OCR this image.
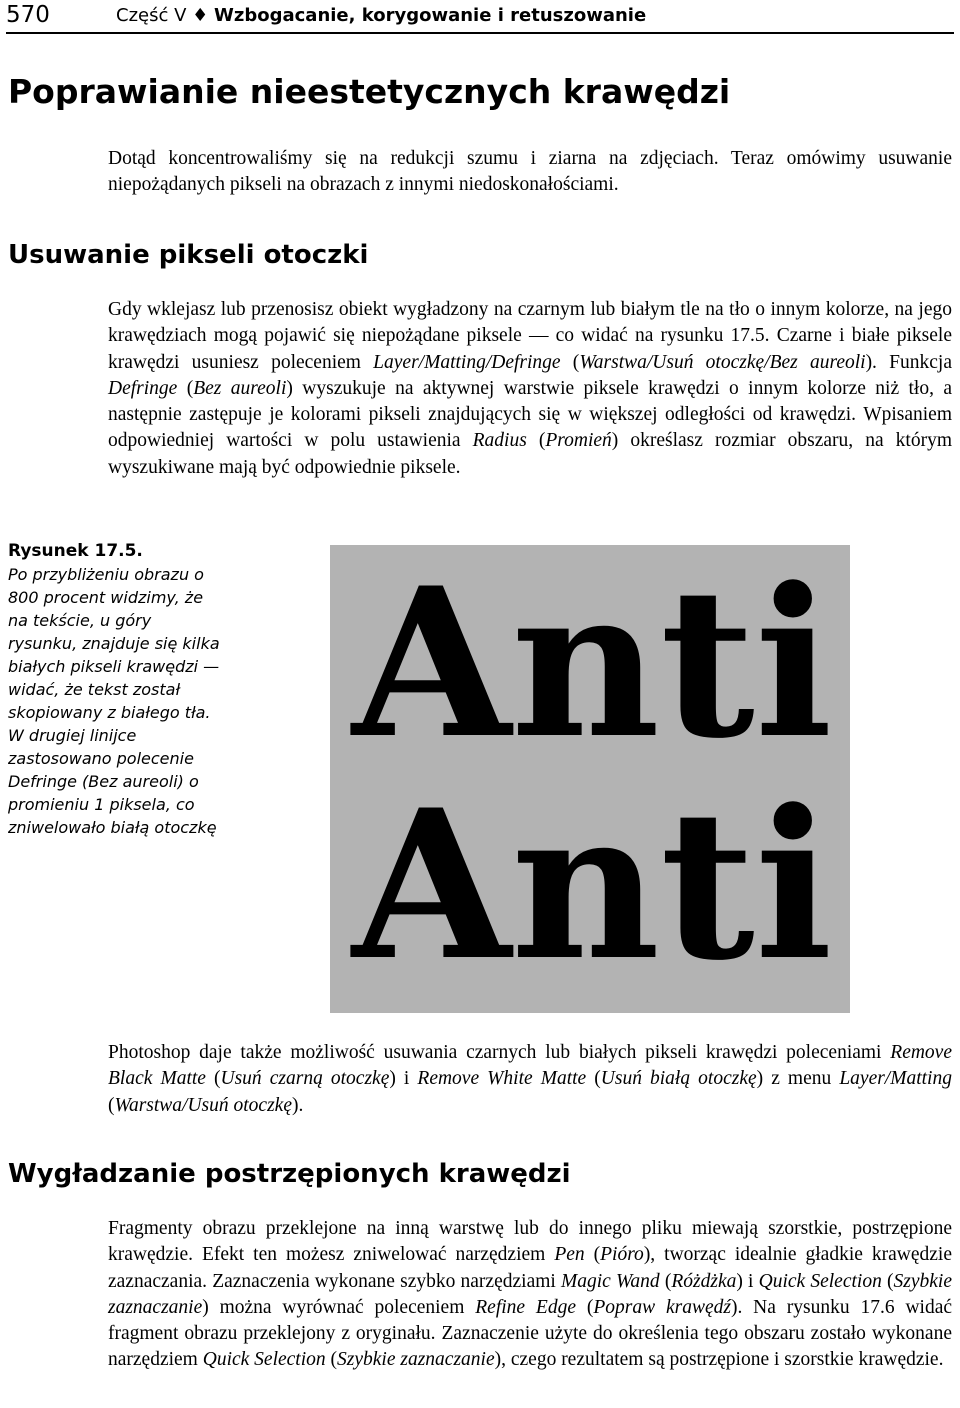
570	Część V ♦ Wzbogacanie, korygowanie i retuszowanie
Poprawianie nieestetycznych krawędzi

Dotąd koncentrowaliśmy się na redukcji szumu i ziarna na zdjęciach. Teraz omówimy usuwanie niepożądanych pikseli na obrazach z innymi niedoskonałościami.

Usuwanie pikseli otoczki

Gdy wklejasz lub przenosisz obiekt wygładzony na czarnym lub białym tle na tło o innym kolorze, na jego krawędziach mogą pojawić się niepożądane piksele — co widać na rysunku 17.5. Czarne i białe piksele krawędzi usuniesz poleceniem Layer/Matting/Defringe (Warstwa/Usuń otoczkę/Bez aureoli). Funkcja Defringe (Bez aureoli) wyszukuje na aktywnej warstwie piksele krawędzi o innym kolorze niż tło, a następnie zastępuje je kolorami pikseli znajdujących się w większej odległości od krawędzi. Wpisaniem odpowiedniej wartości w polu ustawienia Radius (Promień) określasz rozmiar obszaru, na którym wyszukiwane mają być odpowiednie piksele.

Rysunek 17.5.
Po przybliżeniu obrazu o 800 procent widzimy, że na tekście, u góry rysunku, znajduje się kilka białych pikseli krawędzi — widać, że tekst został skopiowany z białego tła. W drugiej linijce zastosowano polecenie Defringe (Bez aureoli) o promieniu 1 piksela, co zniwelowało białą otoczkę
Anti
Anti

Photoshop daje także możliwość usuwania czarnych lub białych pikseli krawędzi poleceniami Remove Black Matte (Usuń czarną otoczkę) i Remove White Matte (Usuń białą otoczkę) z menu Layer/Matting (Warstwa/Usuń otoczkę).

Wygładzanie postrzępionych krawędzi

Fragmenty obrazu przeklejone na inną warstwę lub do innego pliku miewają szorstkie, postrzępione krawędzie. Efekt ten możesz zniwelować narzędziem Pen (Pióro), tworząc idealnie gładkie krawędzie zaznaczania. Zaznaczenia wykonane szybko narzędziami Magic Wand (Różdżka) i Quick Selection (Szybkie zaznaczanie) można wyrównać poleceniem Refine Edge (Popraw krawędź). Na rysunku 17.6 widać fragment obrazu przeklejony z oryginału. Zaznaczenie użyte do określenia tego obszaru zostało wykonane narzędziem Quick Selection (Szybkie zaznaczanie), czego rezultatem są postrzępione i szorstkie krawędzie.
